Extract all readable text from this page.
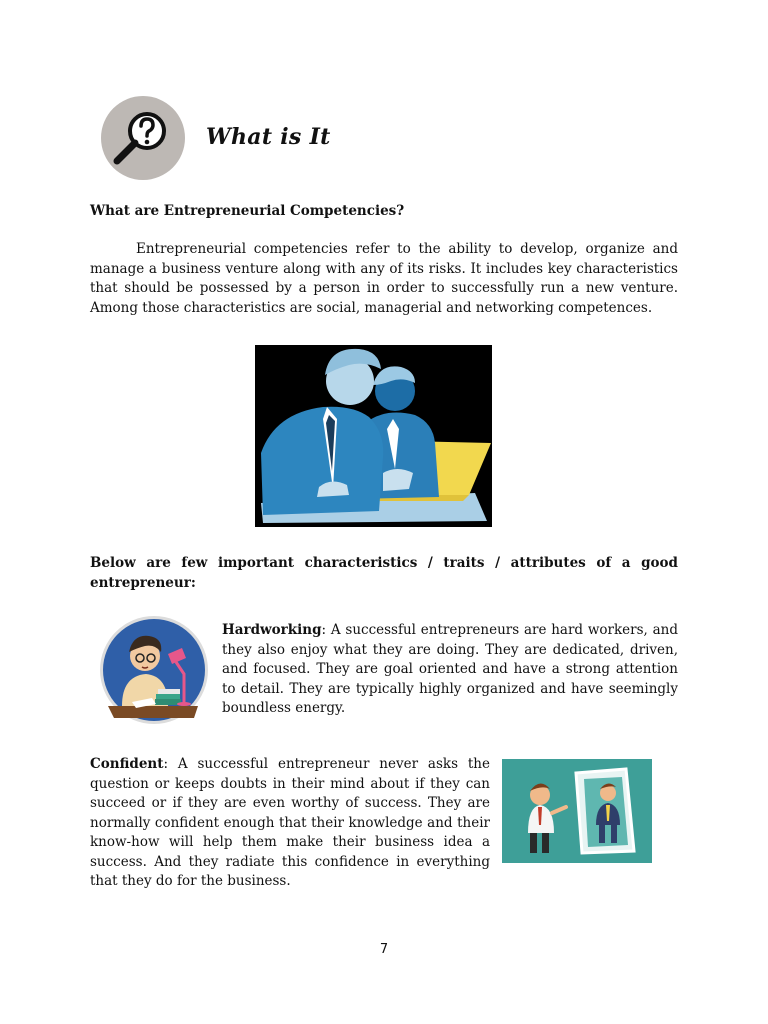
What is It
What are Entrepreneurial Competencies?
Entrepreneurial competencies refer to the ability to develop, organize and manage a business venture along with any of its risks. It includes key characteristics that should be possessed by a person in order to successfully run a new venture. Among those characteristics are social, managerial and networking competences.
Below are few important characteristics / traits / attributes of a good
entrepreneur:
Hardworking: A successful entrepreneurs are hard workers, and they also enjoy what they are doing. They are dedicated, driven, and focused. They are goal oriented and have a strong attention to detail. They are typically highly organized and have seemingly boundless energy.
Confident: A successful entrepreneur never asks the question or keeps doubts in their mind about if they can succeed or if they are even worthy of success. They are normally confident enough that their knowledge and their know-how will help them make their business idea a success. And they radiate this confidence in everything that they do for the business.
7
